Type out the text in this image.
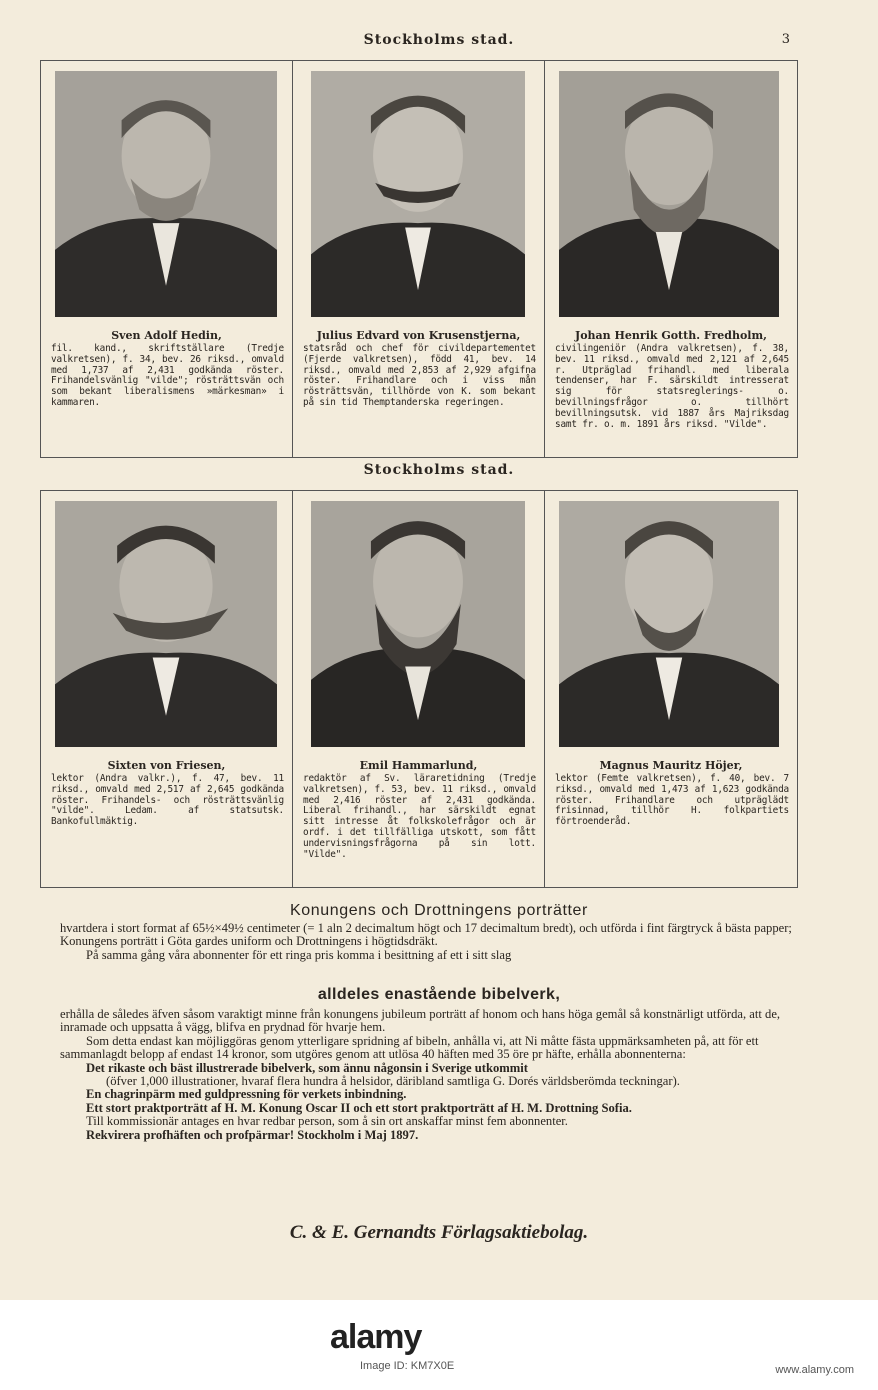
Stockholms stad.	3
Sven Adolf Hedin,
fil. kand., skriftställare (Tredje valkretsen), f. 34, bev. 26 riksd., omvald med 1,737 af 2,431 godkända röster. Frihandelsvänlig "vilde"; rösträttsvän och som bekant liberalismens »märkesman» i kammaren.
Julius Edvard von Krusenstjerna,
statsråd och chef för civildepartementet (Fjerde valkretsen), född 41, bev. 14 riksd., omvald med 2,853 af 2,929 afgifna röster. Frihandlare och i viss mån rösträttsvän, tillhörde von K. som bekant på sin tid Themptanderska regeringen.
Johan Henrik Gotth. Fredholm,
civilingeniör (Andra valkretsen), f. 38, bev. 11 riksd., omvald med 2,121 af 2,645 r. Utpräglad frihandl. med liberala tendenser, har F. särskildt intresserat sig för statsreglerings- o. bevillningsfrågor o. tillhört bevillningsutsk. vid 1887 års Majriksdag samt fr. o. m. 1891 års riksd. "Vilde".
Stockholms stad.
Sixten von Friesen,
lektor (Andra valkr.), f. 47, bev. 11 riksd., omvald med 2,517 af 2,645 godkända röster. Frihandels- och rösträttsvänlig "vilde". Ledam. af statsutsk. Bankofullmäktig.
Emil Hammarlund,
redaktör af Sv. läraretidning (Tredje valkretsen), f. 53, bev. 11 riksd., omvald med 2,416 röster af 2,431 godkända. Liberal frihandl., har särskildt egnat sitt intresse åt folkskolefrågor och är ordf. i det tillfälliga utskott, som fått undervisningsfrågorna på sin lott. "Vilde".
Magnus Mauritz Höjer,
lektor (Femte valkretsen), f. 40, bev. 7 riksd., omvald med 1,473 af 1,623 godkända röster. Frihandlare och utpräglädt frisinnad, tillhör H. folkpartiets förtroenderåd.
Konungens och Drottningens porträtter

hvartdera i stort format af 65½×49½ centimeter (= 1 aln 2 decimaltum högt och 17 decimaltum bredt), och utförda i fint färgtryck å bästa papper; Konungens porträtt i Göta gardes uniform och Drottningens i högtidsdräkt.

På samma gång våra abonnenter för ett ringa pris komma i besittning af ett i sitt slag

alldeles enastående bibelverk,

erhålla de således äfven såsom varaktigt minne från konungens jubileum porträtt af honom och hans höga gemål så konstnärligt utförda, att de, inramade och uppsatta å vägg, blifva en prydnad för hvarje hem.

Som detta endast kan möjliggöras genom ytterligare spridning af bibeln, anhålla vi, att Ni måtte fästa uppmärksamheten på, att för ett sammanlagdt belopp af endast 14 kronor, som utgöres genom att utlösa 40 häften med 35 öre pr häfte, erhålla abonnenterna:

Det rikaste och bäst illustrerade bibelverk, som ännu någonsin i Sverige utkommit

(öfver 1,000 illustrationer, hvaraf flera hundra å helsidor, däribland samtliga G. Dorés världsberömda teckningar).

En chagrinpärm med guldpressning för verkets inbindning.

Ett stort praktporträtt af H. M. Konung Oscar II och ett stort praktporträtt af H. M. Drottning Sofia.

Till kommissionär antages en hvar redbar person, som å sin ort anskaffar minst fem abonnenter.

Rekvirera profhäften och profpärmar! Stockholm i Maj 1897.

C. & E. Gernandts Förlagsaktiebolag.
alamy
Image ID: KM7X0E	www.alamy.com
